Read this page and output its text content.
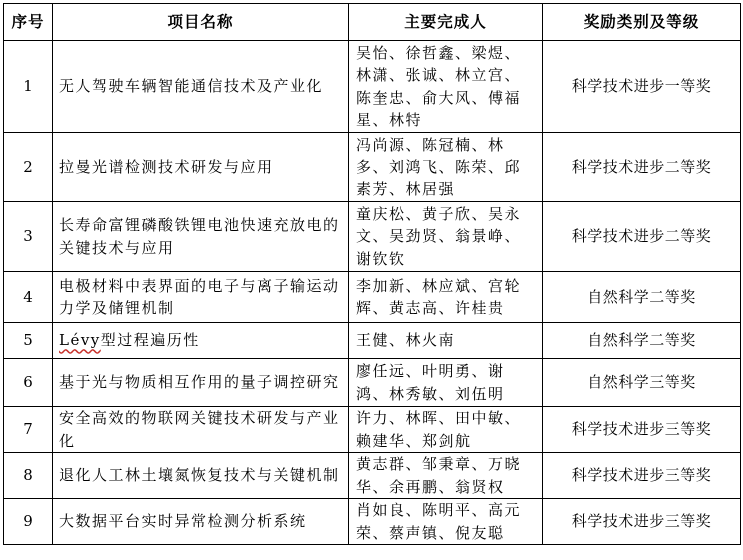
序号	项目名称	主要完成人	奖励类别及等级
1	无人驾驶车辆智能通信技术及产业化	吴怡、徐哲鑫、梁煜、林潇、张诚、林立宫、陈奎忠、俞大风、傅福星、林特	科学技术进步一等奖
2	拉曼光谱检测技术研发与应用	冯尚源、陈冠楠、林多、刘鸿飞、陈荣、邱素芳、林居强	科学技术进步二等奖
3	长寿命富锂磷酸铁锂电池快速充放电的关键技术与应用	童庆松、黄子欣、吴永文、吴劲贤、翁景峥、谢钦钦	科学技术进步二等奖
4	电极材料中表界面的电子与离子输运动力学及储锂机制	李加新、林应斌、宫轮辉、黄志高、许桂贵	自然科学二等奖
5	Lévy型过程遍历性	王健、林火南	自然科学二等奖
6	基于光与物质相互作用的量子调控研究	廖任远、叶明勇、谢鸿、林秀敏、刘伍明	自然科学三等奖
7	安全高效的物联网关键技术研发与产业化	许力、林晖、田中敏、赖建华、郑剑航	科学技术进步三等奖
8	退化人工林土壤氮恢复技术与关键机制	黄志群、邹秉章、万晓华、余再鹏、翁贤权	科学技术进步三等奖
9	大数据平台实时异常检测分析系统	肖如良、陈明平、高元荣、蔡声镇、倪友聪	科学技术进步三等奖
